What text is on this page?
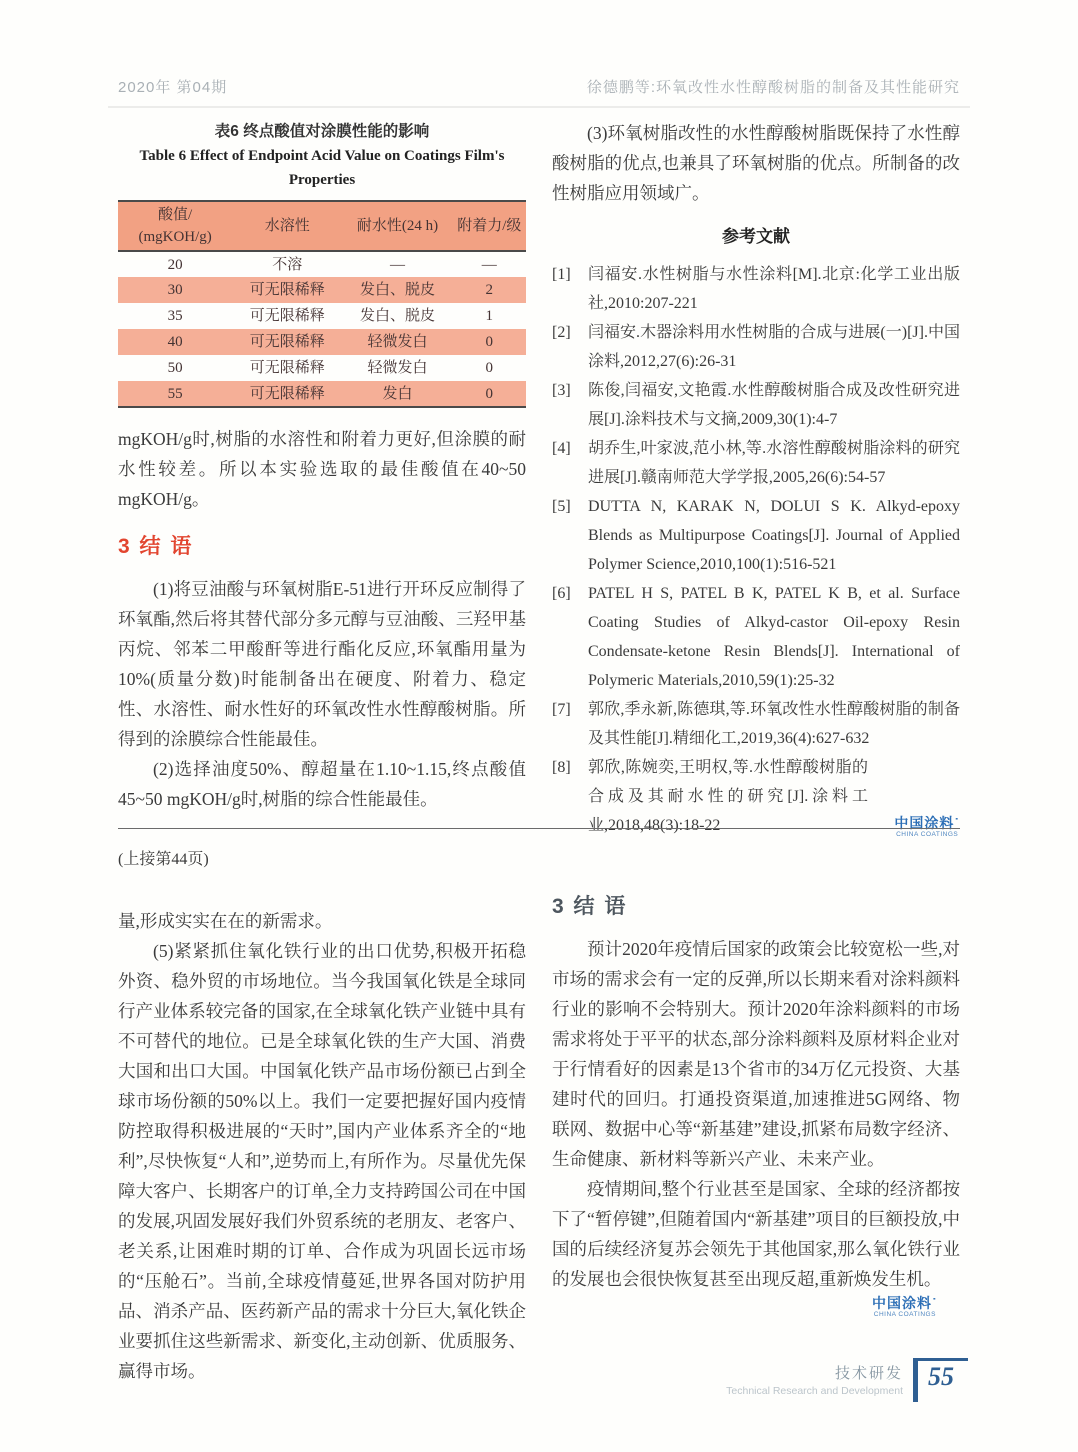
2020年 第04期	徐德鹏等:环氧改性水性醇酸树脂的制备及其性能研究
表6 终点酸值对涂膜性能的影响
Table 6 Effect of Endpoint Acid Value on Coatings Film's
Properties
酸值/
(mgKOH/g)	水溶性	耐水性(24 h)	附着力/级
20	不溶	—	—
30	可无限稀释	发白、脱皮	2
35	可无限稀释	发白、脱皮	1
40	可无限稀释	轻微发白	0
50	可无限稀释	轻微发白	0
55	可无限稀释	发白	0

mgKOH/g时,树脂的水溶性和附着力更好,但涂膜的耐水性较差。所以本实验选取的最佳酸值在40~50 mgKOH/g。

3 结 语

(1)将豆油酸与环氧树脂E-51进行开环反应制得了环氧酯,然后将其替代部分多元醇与豆油酸、三羟甲基丙烷、邻苯二甲酸酐等进行酯化反应,环氧酯用量为10%(质量分数)时能制备出在硬度、附着力、稳定性、水溶性、耐水性好的环氧改性水性醇酸树脂。所得到的涂膜综合性能最佳。

(2)选择油度50%、醇超量在1.10~1.15,终点酸值45~50 mgKOH/g时,树脂的综合性能最佳。

(3)环氧树脂改性的水性醇酸树脂既保持了水性醇酸树脂的优点,也兼具了环氧树脂的优点。所制备的改性树脂应用领域广。

参考文献
[1]	闫福安.水性树脂与水性涂料[M].北京:化学工业出版社,2010:207-221
[2]	闫福安.木器涂料用水性树脂的合成与进展(一)[J].中国涂料,2012,27(6):26-31
[3]	陈俊,闫福安,文艳霞.水性醇酸树脂合成及改性研究进展[J].涂料技术与文摘,2009,30(1):4-7
[4]	胡乔生,叶家波,范小林,等.水溶性醇酸树脂涂料的研究进展[J].赣南师范大学学报,2005,26(6):54-57
[5]	DUTTA N, KARAK N, DOLUI S K. Alkyd-epoxy Blends as Multipurpose Coatings[J]. Journal of Applied Polymer Science,2010,100(1):516-521
[6]	PATEL H S, PATEL B K, PATEL K B, et al. Surface Coating Studies of Alkyd-castor Oil-epoxy Resin Condensate-ketone Resin Blends[J]. International of Polymeric Materials,2010,59(1):25-32
[7]	郭欣,季永新,陈德琪,等.环氧改性水性醇酸树脂的制备及其性能[J].精细化工,2019,36(4):627-632
[8]	郭欣,陈婉奕,王明权,等.水性醇酸树脂的合成及其耐水性的研究[J].涂料工业,2018,48(3):18-22	中国涂料˙
CHINA COATINGS
(上接第44页)

量,形成实实在在的新需求。

(5)紧紧抓住氧化铁行业的出口优势,积极开拓稳外资、稳外贸的市场地位。当今我国氧化铁是全球同行产业体系较完备的国家,在全球氧化铁产业链中具有不可替代的地位。已是全球氧化铁的生产大国、消费大国和出口大国。中国氧化铁产品市场份额已占到全球市场份额的50%以上。我们一定要把握好国内疫情防控取得积极进展的“天时”,国内产业体系齐全的“地利”,尽快恢复“人和”,逆势而上,有所作为。尽量优先保障大客户、长期客户的订单,全力支持跨国公司在中国的发展,巩固发展好我们外贸系统的老朋友、老客户、老关系,让困难时期的订单、合作成为巩固长远市场的“压舱石”。当前,全球疫情蔓延,世界各国对防护用品、消杀产品、医药新产品的需求十分巨大,氧化铁企业要抓住这些新需求、新变化,主动创新、优质服务、赢得市场。

3 结 语

预计2020年疫情后国家的政策会比较宽松一些,对市场的需求会有一定的反弹,所以长期来看对涂料颜料行业的影响不会特别大。预计2020年涂料颜料的市场需求将处于平平的状态,部分涂料颜料及原材料企业对于行情看好的因素是13个省市的34万亿元投资、大基建时代的回归。打通投资渠道,加速推进5G网络、物联网、数据中心等“新基建”建设,抓紧布局数字经济、生命健康、新材料等新兴产业、未来产业。

疫情期间,整个行业甚至是国家、全球的经济都按下了“暂停键”,但随着国内“新基建”项目的巨额投放,中国的后续经济复苏会领先于其他国家,那么氧化铁行业的发展也会很快恢复甚至出现反超,重新焕发生机。

中国涂料˙
CHINA COATINGS
技术研发
Technical Research and Development 55
